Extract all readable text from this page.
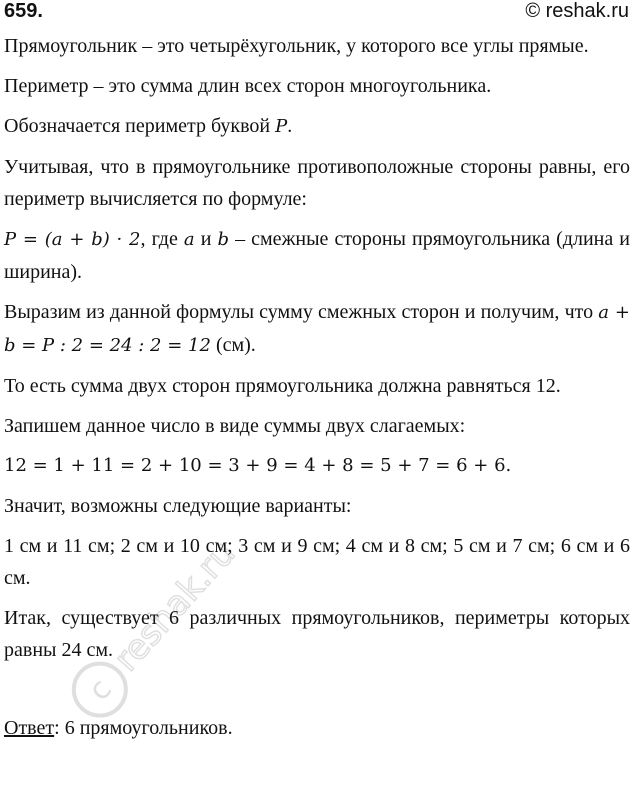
659.	© reshak.ru

Прямоугольник – это четырёхугольник, у которого все углы прямые.

Периметр – это сумма длин всех сторон многоугольника.

Обозначается периметр буквой P.

Учитывая, что в прямоугольнике противоположные стороны равны, его периметр вычисляется по формуле:

P = (a + b) · 2, где a и b – смежные стороны прямоугольника (длина и ширина).

Выразим из данной формулы сумму смежных сторон и получим, что a + b = P : 2 = 24 : 2 = 12 (см).

То есть сумма двух сторон прямоугольника должна равняться 12.

Запишем данное число в виде суммы двух слагаемых:

12 = 1 + 11 = 2 + 10 = 3 + 9 = 4 + 8 = 5 + 7 = 6 + 6.

Значит, возможны следующие варианты:

1 см и 11 см; 2 см и 10 см; 3 см и 9 см; 4 см и 8 см; 5 см и 7 см; 6 см и 6 см.

Итак, существует 6 различных прямоугольников, периметры которых равны 24 см.

Ответ: 6 прямоугольников.

c
reshak.ru
